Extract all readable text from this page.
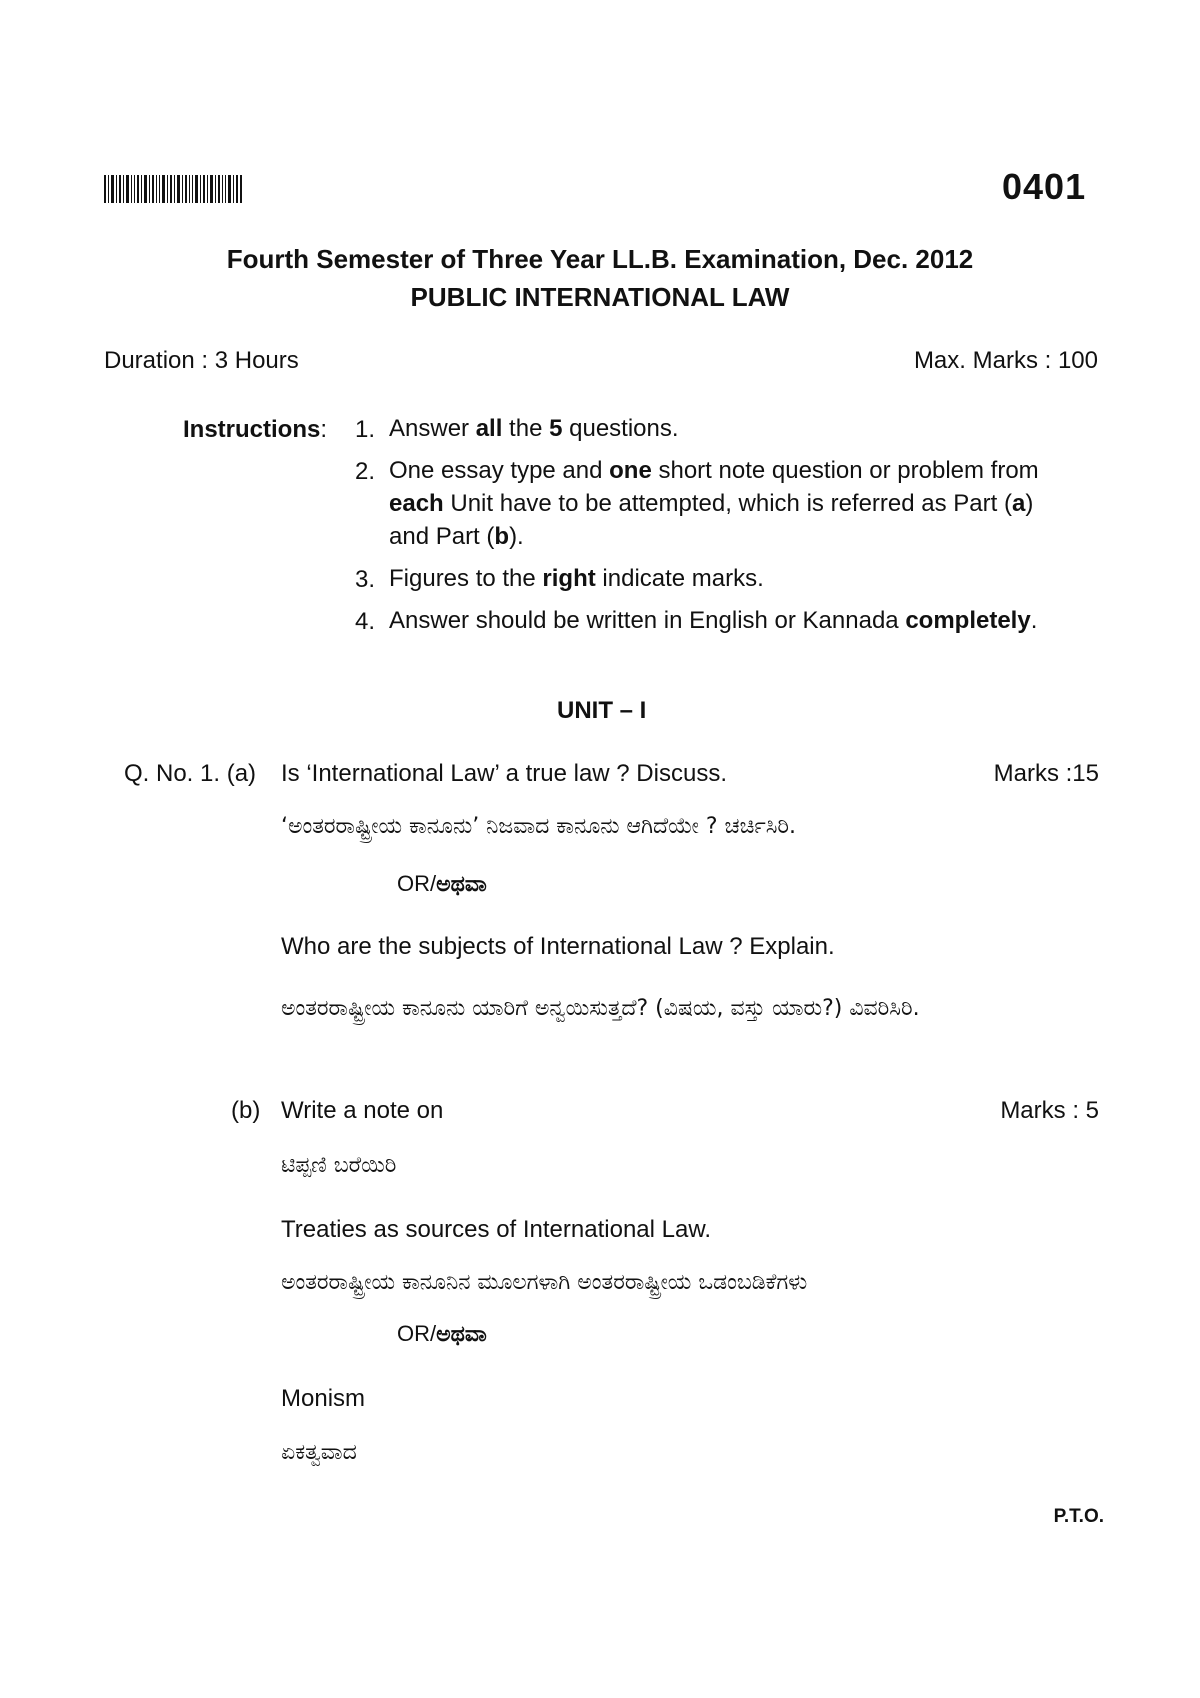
0401
Fourth Semester of Three Year LL.B. Examination, Dec. 2012
PUBLIC INTERNATIONAL LAW
Duration : 3 Hours	Max. Marks : 100
Instructions: 1. Answer all the 5 questions.
2. One essay type and one short note question or problem from each Unit have to be attempted, which is referred as Part (a) and Part (b).
3. Figures to the right indicate marks.
4. Answer should be written in English or Kannada completely.
UNIT – I
Q. No. 1. (a) Is ‘International Law’ a true law ? Discuss.	Marks :15
‘ಅಂತರರಾಷ್ಟ್ರೀಯ ಕಾನೂನು’ ನಿಜವಾದ ಕಾನೂನು ಆಗಿದೆಯೇ ? ಚರ್ಚಿಸಿರಿ.
OR/ಅಥವಾ
Who are the subjects of International Law ? Explain.
ಅಂತರರಾಷ್ಟ್ರೀಯ ಕಾನೂನು ಯಾರಿಗೆ ಅನ್ವಯಿಸುತ್ತದೆ? (ವಿಷಯ, ವಸ್ತು ಯಾರು?) ವಿವರಿಸಿರಿ.
(b) Write a note on	Marks : 5
ಟಿಪ್ಪಣಿ ಬರೆಯಿರಿ
Treaties as sources of International Law.
ಅಂತರರಾಷ್ಟ್ರೀಯ ಕಾನೂನಿನ ಮೂಲಗಳಾಗಿ ಅಂತರರಾಷ್ಟ್ರೀಯ ಒಡಂಬಡಿಕೆಗಳು
OR/ಅಥವಾ
Monism
ಏಕತ್ವವಾದ
P.T.O.
